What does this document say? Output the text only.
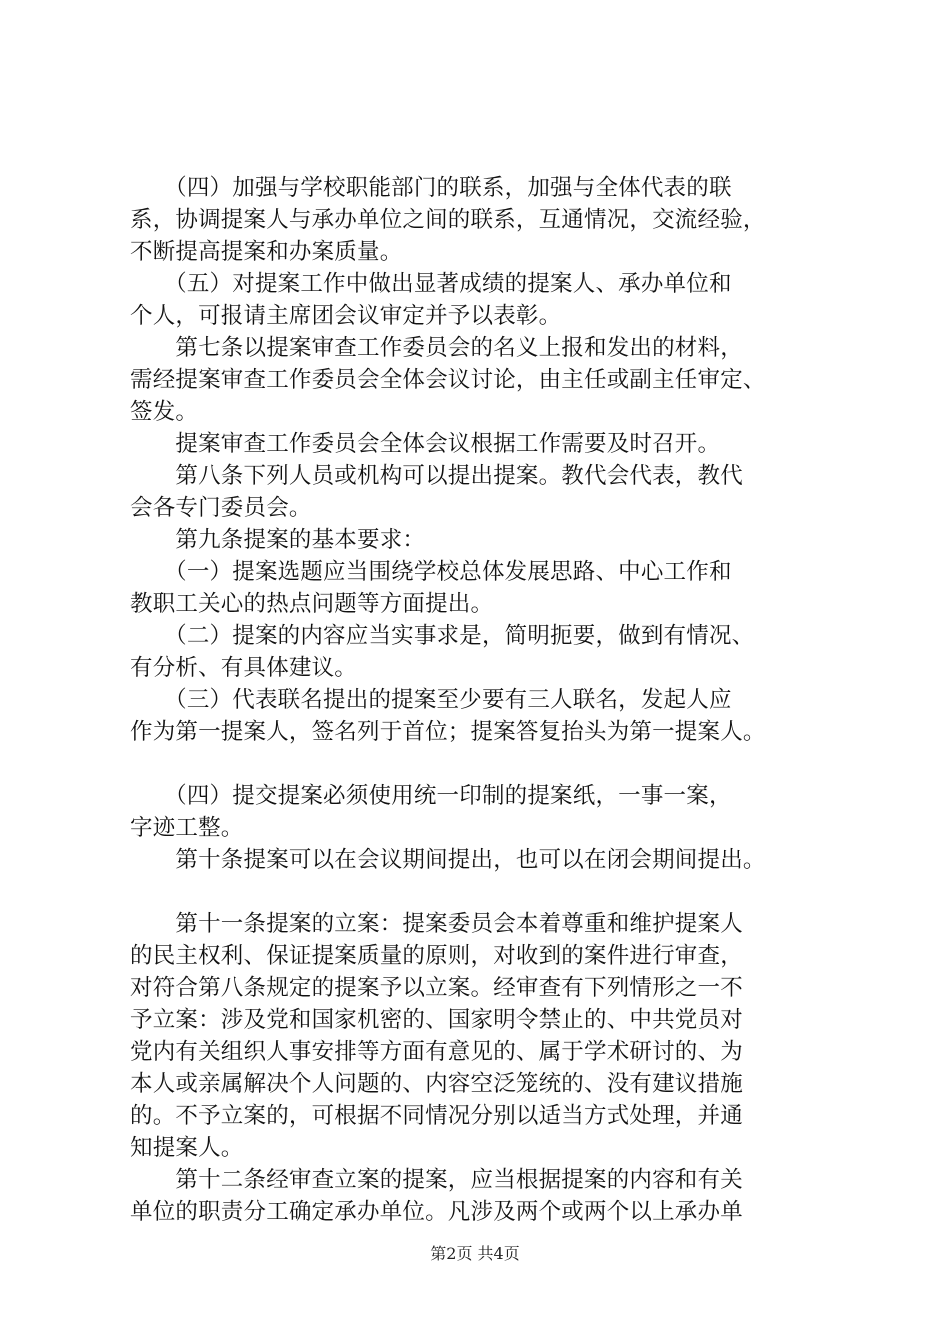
　　（四）加强与学校职能部门的联系，加强与全体代表的联
系，协调提案人与承办单位之间的联系，互通情况，交流经验，
不断提高提案和办案质量。
　　（五）对提案工作中做出显著成绩的提案人、承办单位和
个人，可报请主席团会议审定并予以表彰。
　　第七条以提案审查工作委员会的名义上报和发出的材料，
需经提案审查工作委员会全体会议讨论，由主任或副主任审定、
签发。
　　提案审查工作委员会全体会议根据工作需要及时召开。
　　第八条下列人员或机构可以提出提案。教代会代表，教代
会各专门委员会。
　　第九条提案的基本要求：
　　（一）提案选题应当围绕学校总体发展思路、中心工作和
教职工关心的热点问题等方面提出。
　　（二）提案的内容应当实事求是，简明扼要，做到有情况、
有分析、有具体建议。
　　（三）代表联名提出的提案至少要有三人联名，发起人应
作为第一提案人，签名列于首位；提案答复抬头为第一提案人。
　　（四）提交提案必须使用统一印制的提案纸，一事一案，
字迹工整。
　　第十条提案可以在会议期间提出，也可以在闭会期间提出。
　　第十一条提案的立案：提案委员会本着尊重和维护提案人
的民主权利、保证提案质量的原则，对收到的案件进行审查，
对符合第八条规定的提案予以立案。经审查有下列情形之一不
予立案：涉及党和国家机密的、国家明令禁止的、中共党员对
党内有关组织人事安排等方面有意见的、属于学术研讨的、为
本人或亲属解决个人问题的、内容空泛笼统的、没有建议措施
的。不予立案的，可根据不同情况分别以适当方式处理，并通
知提案人。
　　第十二条经审查立案的提案，应当根据提案的内容和有关
单位的职责分工确定承办单位。凡涉及两个或两个以上承办单
第2页 共4页
